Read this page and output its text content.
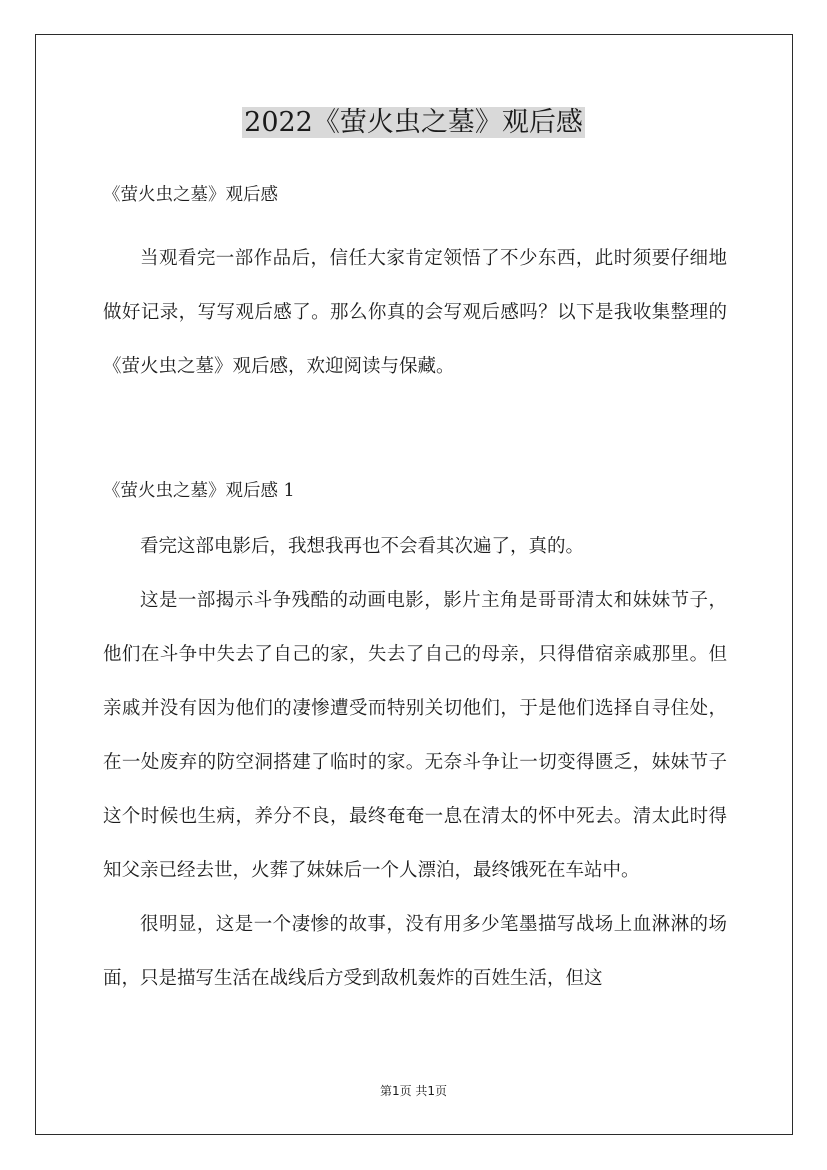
2022《萤火虫之墓》观后感

《萤火虫之墓》观后感

当观看完一部作品后，信任大家肯定领悟了不少东西，此时须要仔细地做好记录，写写观后感了。那么你真的会写观后感吗？以下是我收集整理的《萤火虫之墓》观后感，欢迎阅读与保藏。

《萤火虫之墓》观后感 1

看完这部电影后，我想我再也不会看其次遍了，真的。

这是一部揭示斗争残酷的动画电影，影片主角是哥哥清太和妹妹节子，他们在斗争中失去了自己的家，失去了自己的母亲，只得借宿亲戚那里。但亲戚并没有因为他们的凄惨遭受而特别关切他们，于是他们选择自寻住处，在一处废弃的防空洞搭建了临时的家。无奈斗争让一切变得匮乏，妹妹节子这个时候也生病，养分不良，最终奄奄一息在清太的怀中死去。清太此时得知父亲已经去世，火葬了妹妹后一个人漂泊，最终饿死在车站中。

很明显，这是一个凄惨的故事，没有用多少笔墨描写战场上血淋淋的场面，只是描写生活在战线后方受到敌机轰炸的百姓生活，但这

第1页 共1页
